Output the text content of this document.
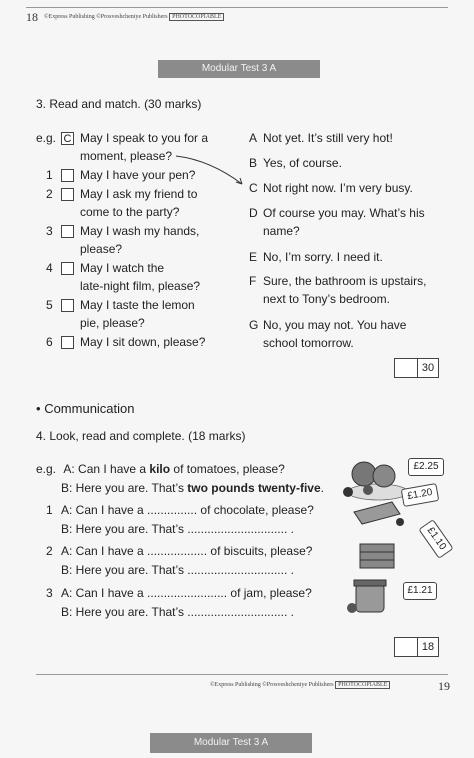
18 ©Express Publishing ©Prosveshcheniye Publishers PHOTOCOPIABLE
Modular Test 3 A
3. Read and match. (30 marks)
e.g. C May I speak to you for a
moment, please?
1 May I have your pen?
2 May I ask my friend to
come to the party?
3 May I wash my hands,
please?
4 May I watch the
late-night film, please?
5 May I taste the lemon
pie, please?
6 May I sit down, please?
A Not yet. It’s still very hot!
B Yes, of course.
C Not right now. I’m very busy.
D Of course you may. What’s his
name?
E No, I’m sorry. I need it.
F Sure, the bathroom is upstairs,
next to Tony’s bedroom.
G No, you may not. You have
school tomorrow.
30
• Communication
4. Look, read and complete. (18 marks)
e.g. A: Can I have a kilo of tomatoes, please?
B: Here you are. That’s two pounds twenty-five.
1 A: Can I have a ............... of chocolate, please?
B: Here you are. That’s .............................. .
2 A: Can I have a .................. of biscuits, please?
B: Here you are. That’s .............................. .
3 A: Can I have a ........................ of jam, please?
B: Here you are. That’s .............................. .
£2.25
£1.20
£1.10
£1.21
18
©Express Publishing ©Prosveshcheniye Publishers PHOTOCOPIABLE	19
Modular Test 3 A
